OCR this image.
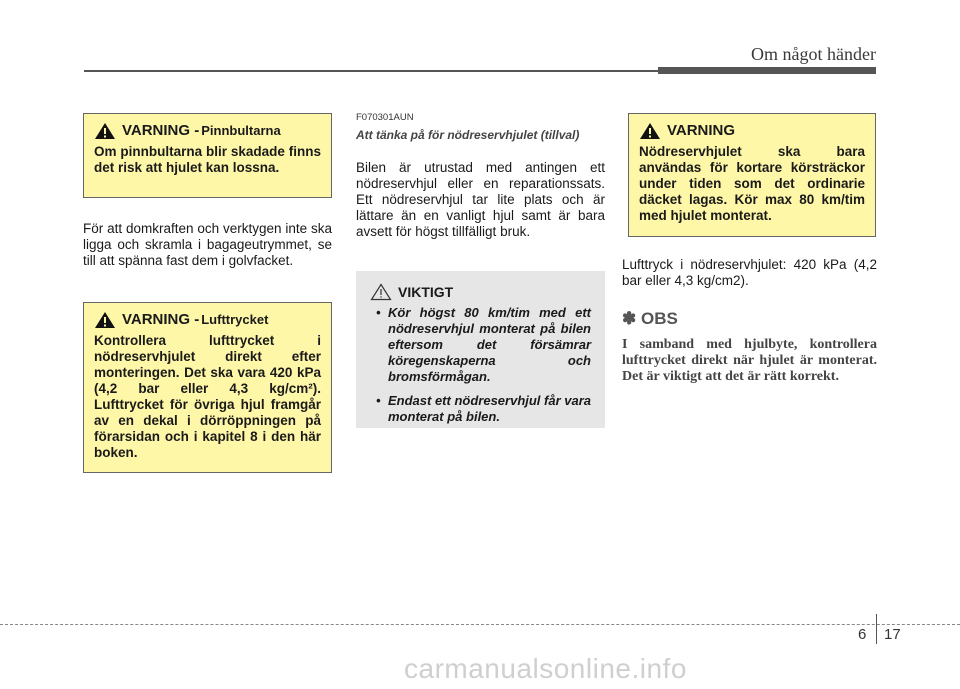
Om något händer
VARNING - Pinnbultarna
Om pinnbultarna blir skadade finns det risk att hjulet kan lossna.
För att domkraften och verktygen inte ska ligga och skramla i bagageutrymmet, se till att spänna fast dem i golvfacket.
VARNING - Lufttrycket
Kontrollera lufttrycket i nödreservhjulet direkt efter monteringen. Det ska vara 420 kPa (4,2 bar eller 4,3 kg/cm²). Lufttrycket för övriga hjul framgår av en dekal i dörröppningen på förarsidan och i kapitel 8 i den här boken.
F070301AUN
Att tänka på för nödreservhjulet (tillval)
Bilen är utrustad med antingen ett nödreservhjul eller en reparationssats. Ett nödreservhjul tar lite plats och är lättare än en vanligt hjul samt är bara avsett för högst tillfälligt bruk.
VIKTIGT
• Kör högst 80 km/tim med ett nödreservhjul monterat på bilen eftersom det försämrar köregenskaperna och bromsförmågan.
• Endast ett nödreservhjul får vara monterat på bilen.
VARNING
Nödreservhjulet ska bara användas för kortare körsträckor under tiden som det ordinarie däcket lagas. Kör max 80 km/tim med hjulet monterat.
Lufttryck i nödreservhjulet: 420 kPa (4,2 bar eller 4,3 kg/cm2).
✽ OBS
I samband med hjulbyte, kontrollera lufttrycket direkt när hjulet är monterat. Det är viktigt att det är rätt korrekt.
6 17
carmanualsonline.info
